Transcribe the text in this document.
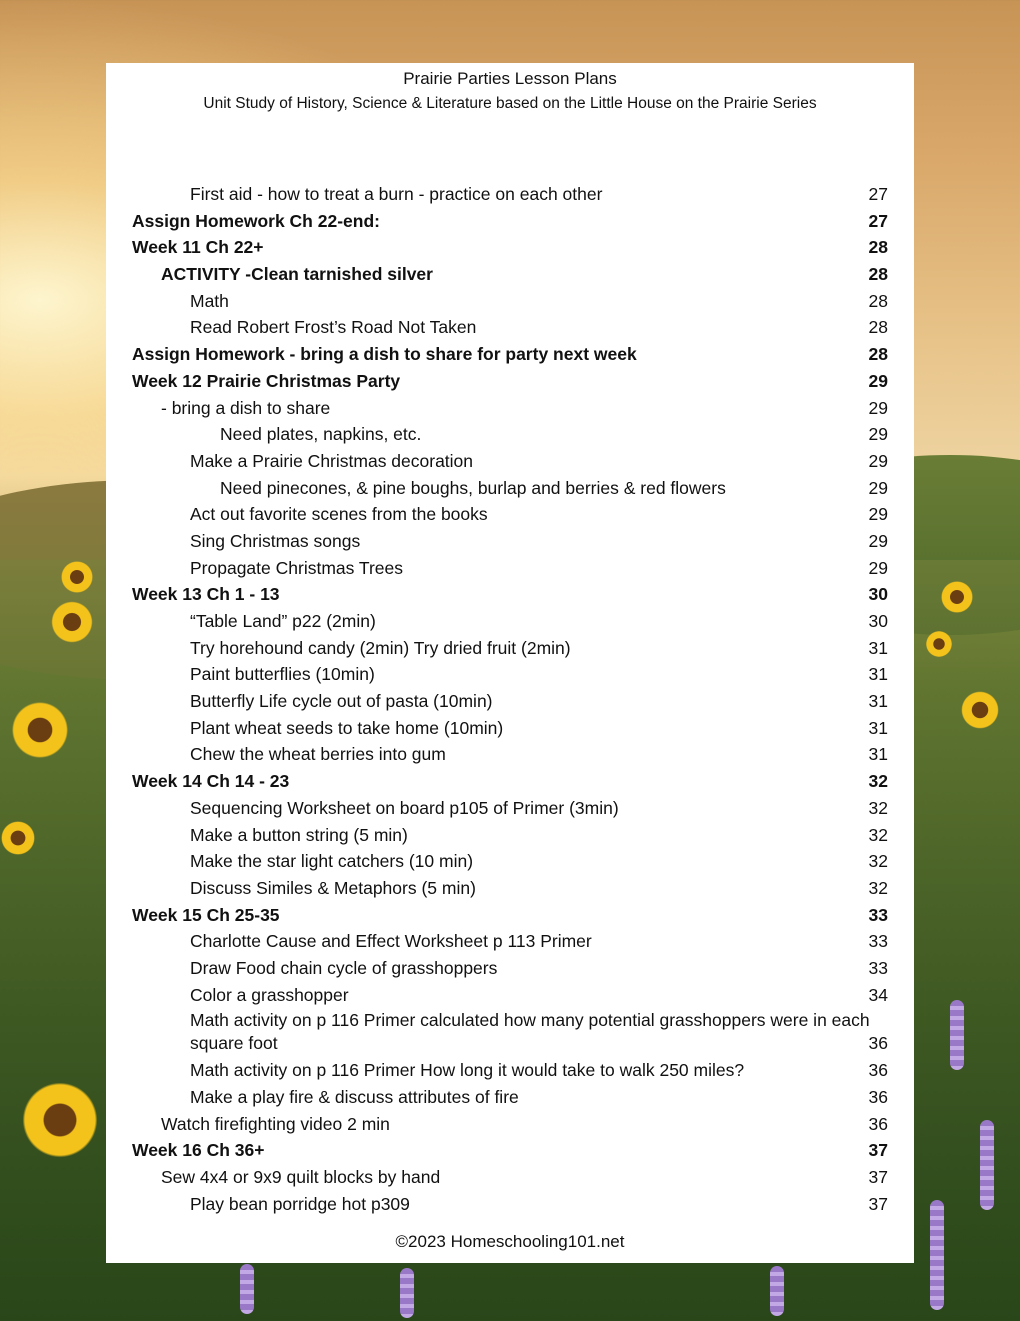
Prairie Parties Lesson Plans
Unit Study of History, Science & Literature based on the Little House on the Prairie Series
First aid - how to treat a burn - practice on each other	27
Assign Homework Ch 22-end:	27
Week 11 Ch 22+	28
ACTIVITY -Clean tarnished silver	28
Math	28
Read Robert Frost’s Road Not Taken	28
Assign Homework - bring a dish to share for party next week	28
Week 12 Prairie Christmas Party	29
- bring a dish to share	29
Need plates, napkins, etc.	29
Make a Prairie Christmas decoration	29
Need pinecones, & pine boughs, burlap and berries & red flowers	29
Act out favorite scenes from the books	29
Sing Christmas songs	29
Propagate Christmas Trees	29
Week 13 Ch 1 - 13	30
“Table Land” p22 (2min)	30
Try horehound candy (2min) Try dried fruit (2min)	31
Paint butterflies (10min)	31
Butterfly Life cycle out of pasta (10min)	31
Plant wheat seeds to take home (10min)	31
Chew the wheat berries into gum	31
Week 14 Ch 14 - 23	32
Sequencing Worksheet on board p105 of Primer (3min)	32
Make a button string (5 min)	32
Make the star light catchers (10 min)	32
Discuss Similes & Metaphors (5 min)	32
Week 15 Ch 25-35	33
Charlotte Cause and Effect Worksheet p 113 Primer	33
Draw Food chain cycle of grasshoppers	33
Color a grasshopper	34
Math activity on p 116 Primer calculated how many potential grasshoppers were in each square foot	36
Math activity on p 116 Primer How long it would take to walk 250 miles?	36
Make a play fire & discuss attributes of fire	36
Watch firefighting video 2 min	36
Week 16 Ch 36+	37
Sew 4x4 or 9x9 quilt blocks by hand	37
Play bean porridge hot p309	37
©2023 Homeschooling101.net
